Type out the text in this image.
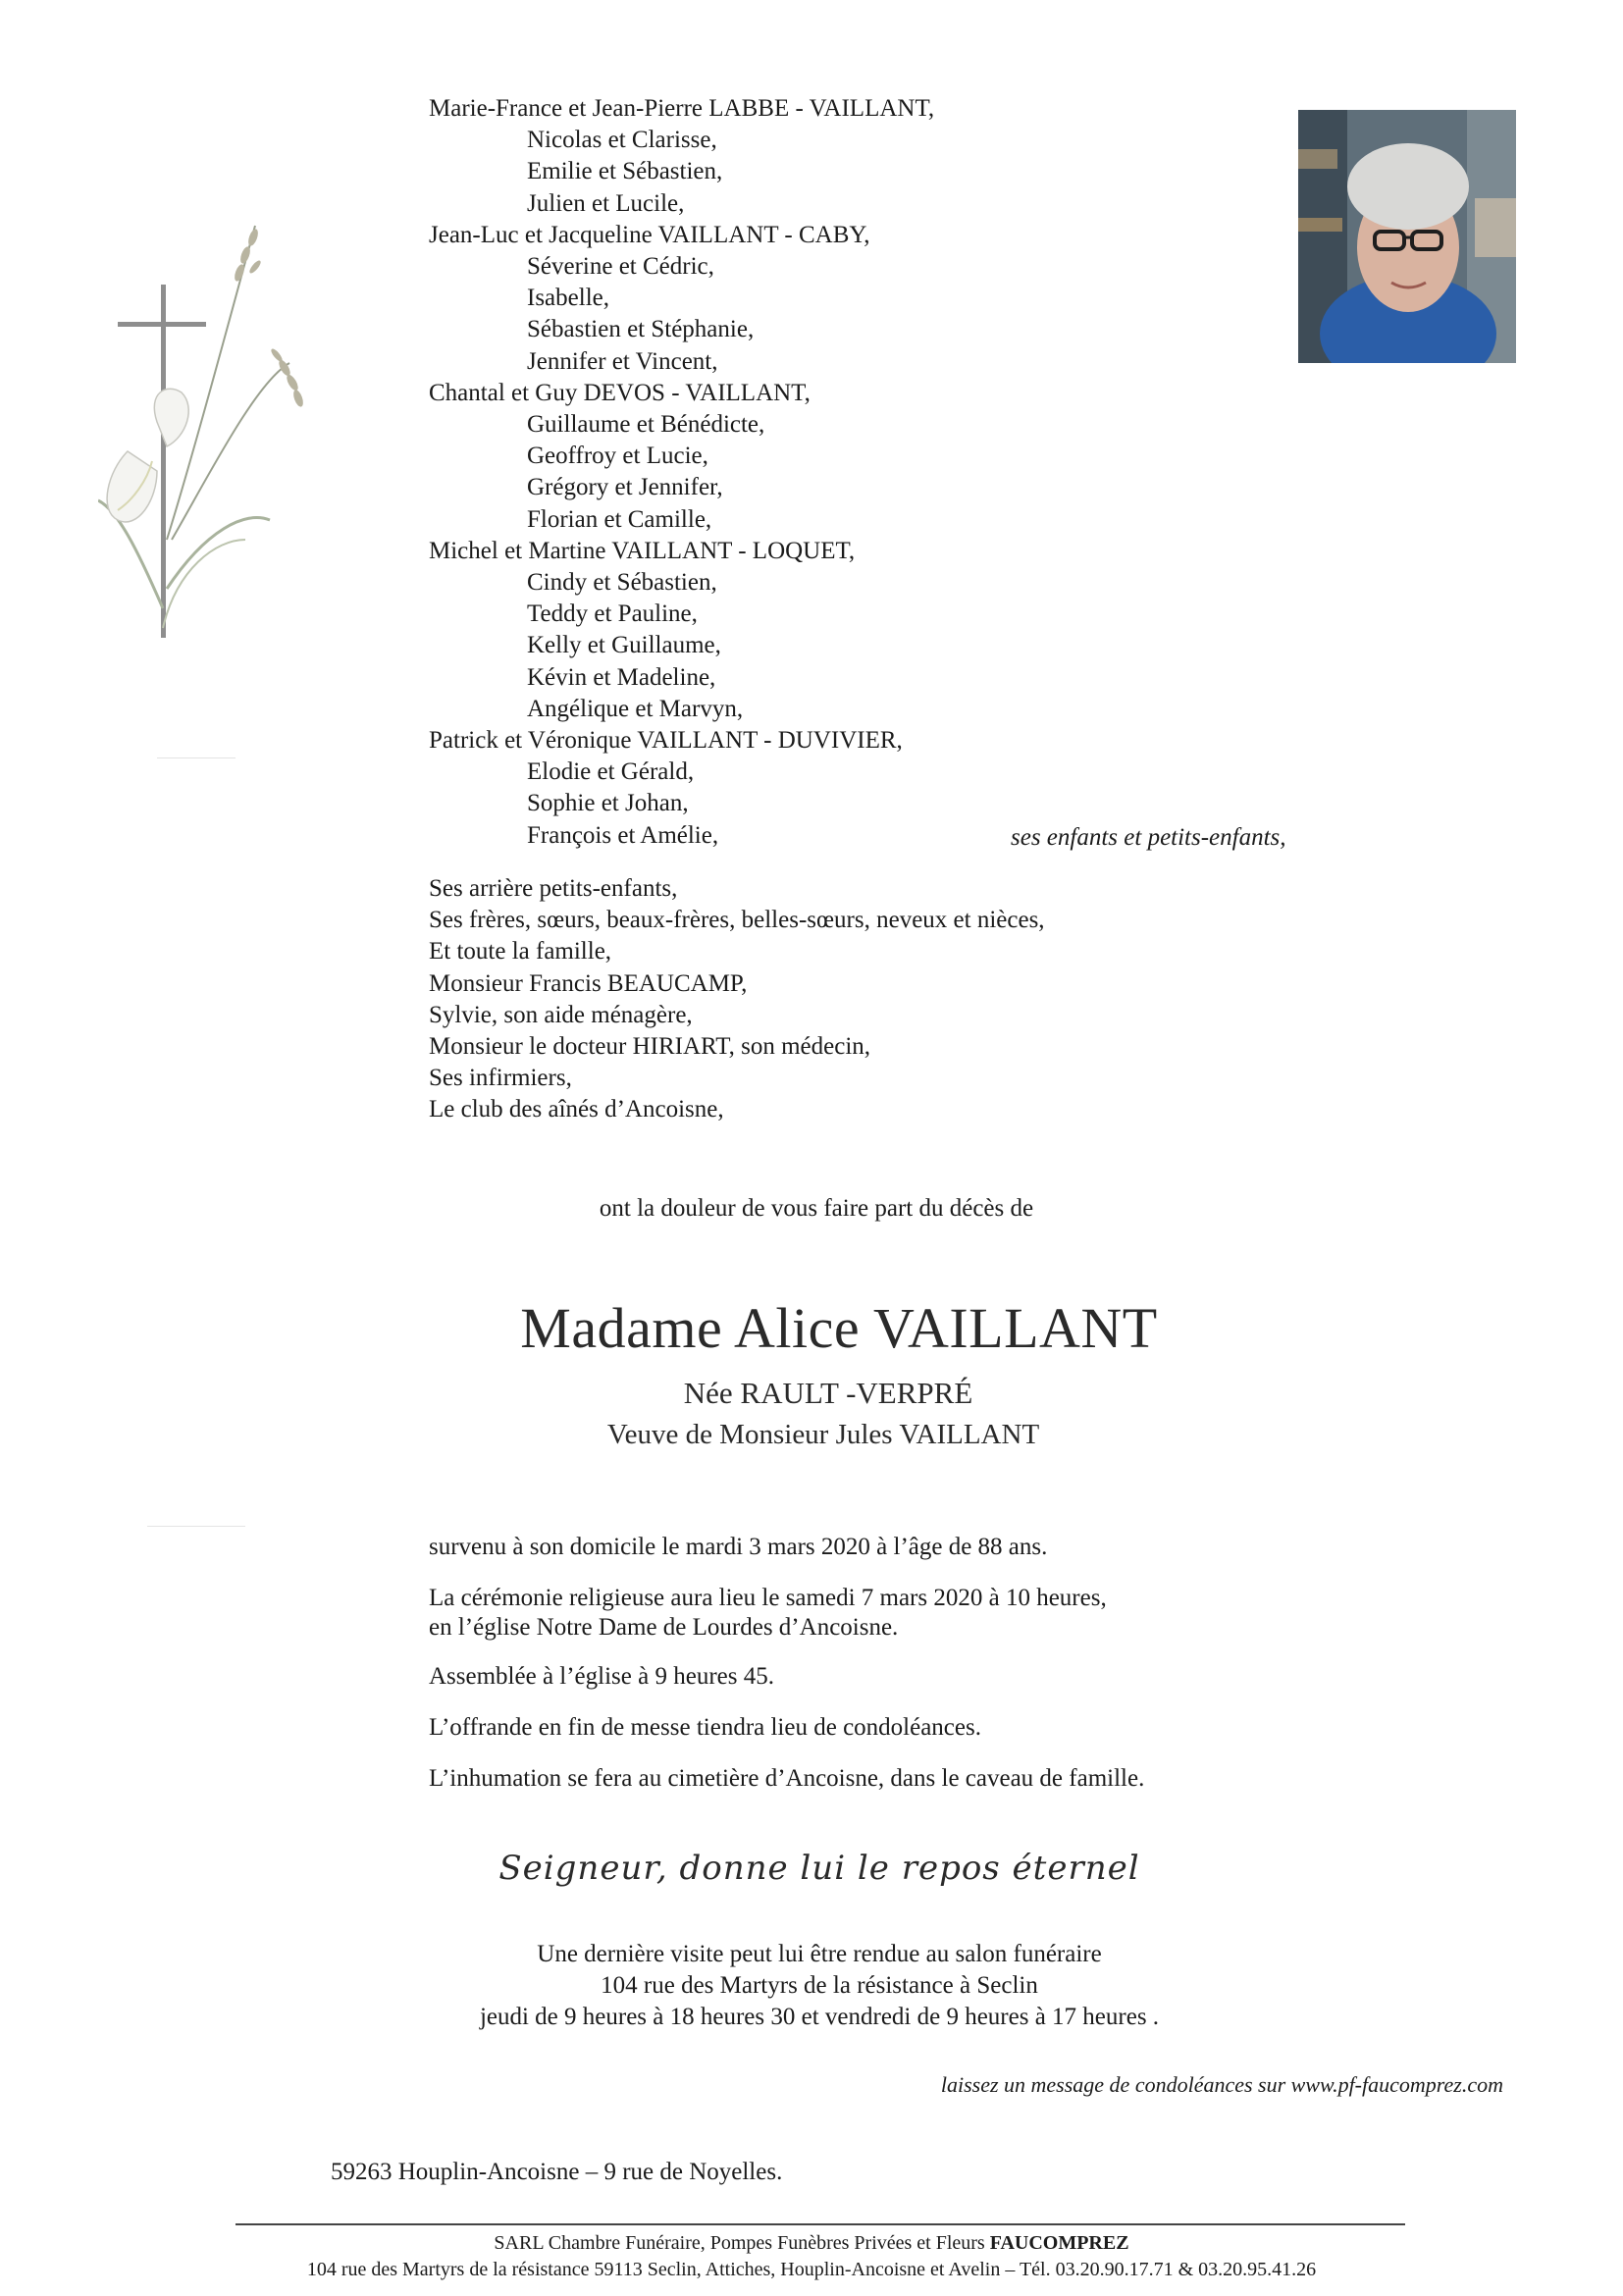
Marie-France et Jean-Pierre LABBE - VAILLANT,
Nicolas et Clarisse,
Emilie et Sébastien,
Julien et Lucile,
Jean-Luc et Jacqueline VAILLANT - CABY,
Séverine et Cédric,
Isabelle,
Sébastien et Stéphanie,
Jennifer et Vincent,
Chantal et Guy DEVOS - VAILLANT,
Guillaume et Bénédicte,
Geoffroy et Lucie,
Grégory et Jennifer,
Florian et Camille,
Michel et Martine VAILLANT - LOQUET,
Cindy et Sébastien,
Teddy et Pauline,
Kelly et Guillaume,
Kévin et Madeline,
Angélique et Marvyn,
Patrick et Véronique VAILLANT - DUVIVIER,
Elodie et Gérald,
Sophie et Johan,
François et Amélie,	ses enfants et petits-enfants,
Ses arrière petits-enfants,
Ses frères, sœurs, beaux-frères, belles-sœurs, neveux et nièces,
Et toute la famille,
Monsieur Francis BEAUCAMP,
Sylvie, son aide ménagère,
Monsieur le docteur HIRIART, son médecin,
Ses infirmiers,
Le club des aînés d’Ancoisne,
ont la douleur de vous faire part du décès de
Madame Alice VAILLANT
Née RAULT -VERPRÉ
Veuve de Monsieur Jules VAILLANT
survenu à son domicile le mardi 3 mars 2020 à l’âge de 88 ans.
La cérémonie religieuse aura lieu le samedi 7 mars 2020 à 10 heures,
en l’église Notre Dame de Lourdes d’Ancoisne.
Assemblée à l’église à 9 heures 45.
L’offrande en fin de messe tiendra lieu de condoléances.
L’inhumation se fera au cimetière d’Ancoisne, dans le caveau de famille.
Seigneur, donne lui le repos éternel
Une dernière visite peut lui être rendue au salon funéraire
104 rue des Martyrs de la résistance à Seclin
jeudi de 9 heures à 18 heures 30 et vendredi de 9 heures à 17 heures .
laissez un message de condoléances sur www.pf-faucomprez.com
59263 Houplin-Ancoisne – 9 rue de Noyelles.
SARL Chambre Funéraire, Pompes Funèbres Privées et Fleurs FAUCOMPREZ
104 rue des Martyrs de la résistance 59113 Seclin, Attiches, Houplin-Ancoisne et Avelin – Tél. 03.20.90.17.71 & 03.20.95.41.26
